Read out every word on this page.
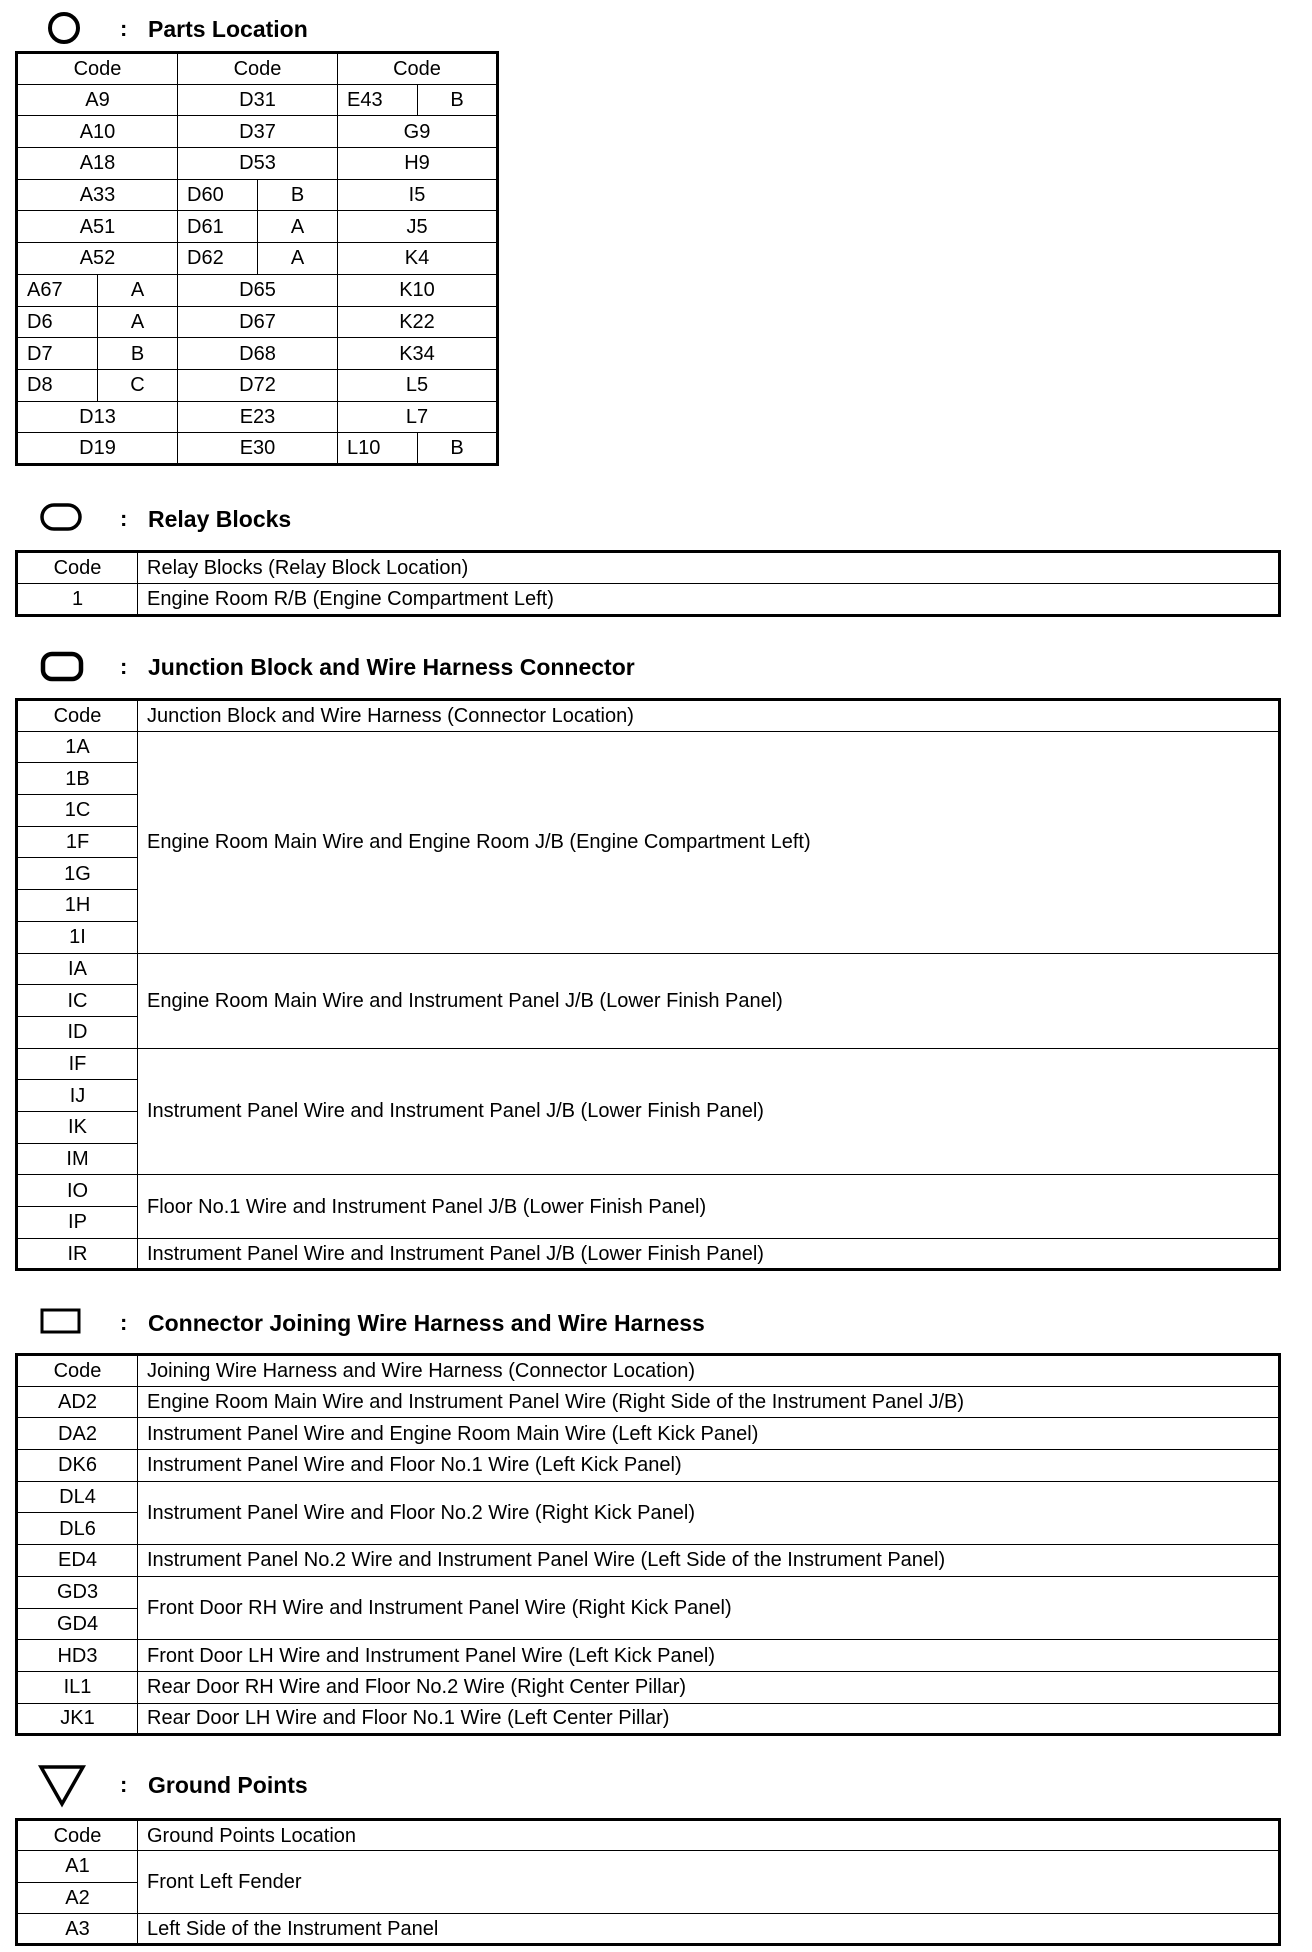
: Parts Location
Code		Code		Code	
A9		D31		E43	B
A10		D37		G9	
A18		D53		H9	
A33		D60	B	I5	
A51		D61	A	J5	
A52		D62	A	K4	
A67	A	D65		K10	
D6	A	D67		K22	
D7	B	D68		K34	
D8	C	D72		L5	
D13		E23		L7	
D19		E30		L10	B
: Relay Blocks
Code	Relay Blocks (Relay Block Location)
1	Engine Room R/B (Engine Compartment Left)
: Junction Block and Wire Harness Connector
Code	Junction Block and Wire Harness (Connector Location)
1A	Engine Room Main Wire and Engine Room J/B (Engine Compartment Left)
1B	
1C	
1F	
1G	
1H	
1I	
IA	Engine Room Main Wire and Instrument Panel J/B (Lower Finish Panel)
IC	
ID	
IF	Instrument Panel Wire and Instrument Panel J/B (Lower Finish Panel)
IJ	
IK	
IM	
IO	Floor No.1 Wire and Instrument Panel J/B (Lower Finish Panel)
IP	
IR	Instrument Panel Wire and Instrument Panel J/B (Lower Finish Panel)
: Connector Joining Wire Harness and Wire Harness
Code	Joining Wire Harness and Wire Harness (Connector Location)
AD2	Engine Room Main Wire and Instrument Panel Wire (Right Side of the Instrument Panel J/B)
DA2	Instrument Panel Wire and Engine Room Main Wire (Left Kick Panel)
DK6	Instrument Panel Wire and Floor No.1 Wire (Left Kick Panel)
DL4	Instrument Panel Wire and Floor No.2 Wire (Right Kick Panel)
DL6	
ED4	Instrument Panel No.2 Wire and Instrument Panel Wire (Left Side of the Instrument Panel)
GD3	Front Door RH Wire and Instrument Panel Wire (Right Kick Panel)
GD4	
HD3	Front Door LH Wire and Instrument Panel Wire (Left Kick Panel)
IL1	Rear Door RH Wire and Floor No.2 Wire (Right Center Pillar)
JK1	Rear Door LH Wire and Floor No.1 Wire (Left Center Pillar)
: Ground Points
Code	Ground Points Location
A1	Front Left Fender
A2	
A3	Left Side of the Instrument Panel
